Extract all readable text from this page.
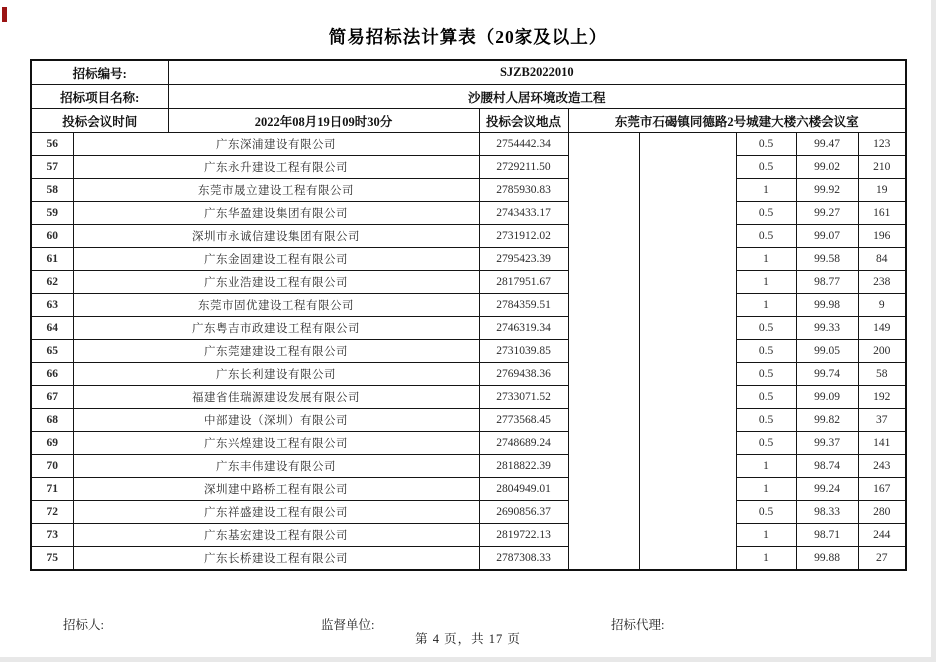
简易招标法计算表（20家及以上）
招标编号:		SJZB2022010						
招标项目名称:		沙腰村人居环境改造工程						
投标会议时间		2022年08月19日09时30分	投标会议地点	东莞市石碣镇同德路2号城建大楼六楼会议室				
56	广东深浦建设有限公司		2754442.34			0.5	99.47	123
57	广东永升建设工程有限公司		2729211.50			0.5	99.02	210
58	东莞市晟立建设工程有限公司		2785930.83			1	99.92	19
59	广东华盈建设集团有限公司		2743433.17			0.5	99.27	161
60	深圳市永诚信建设集团有限公司		2731912.02			0.5	99.07	196
61	广东金固建设工程有限公司		2795423.39			1	99.58	84
62	广东业浩建设工程有限公司		2817951.67			1	98.77	238
63	东莞市固优建设工程有限公司		2784359.51			1	99.98	9
64	广东粤吉市政建设工程有限公司		2746319.34			0.5	99.33	149
65	广东莞建建设工程有限公司		2731039.85			0.5	99.05	200
66	广东长利建设有限公司		2769438.36			0.5	99.74	58
67	福建省佳瑞源建设发展有限公司		2733071.52			0.5	99.09	192
68	中部建设（深圳）有限公司		2773568.45			0.5	99.82	37
69	广东兴煌建设工程有限公司		2748689.24			0.5	99.37	141
70	广东丰伟建设有限公司		2818822.39			1	98.74	243
71	深圳建中路桥工程有限公司		2804949.01			1	99.24	167
72	广东祥盛建设工程有限公司		2690856.37			0.5	98.33	280
73	广东基宏建设工程有限公司		2819722.13			1	98.71	244
75	广东长桥建设工程有限公司		2787308.33			1	99.88	27
招标人:	监督单位:	招标代理:
第 4 页，共 17 页
